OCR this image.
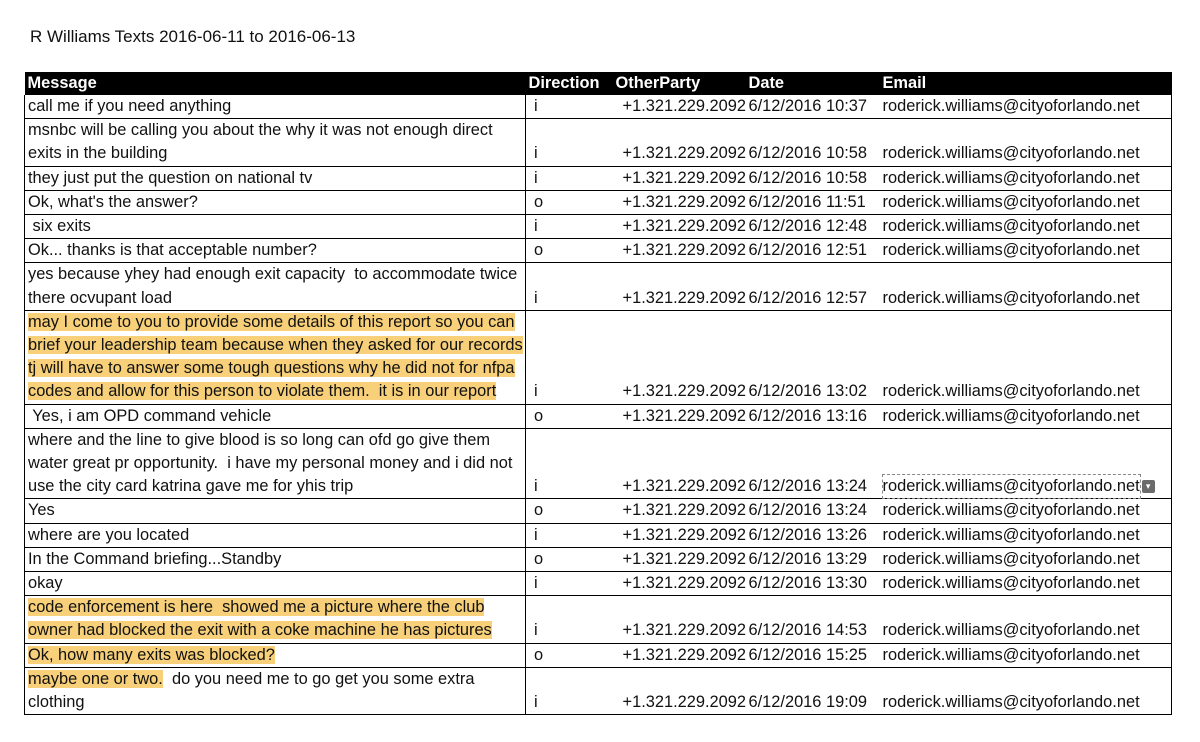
R Williams Texts 2016-06-11 to 2016-06-13
Message	Direction	OtherParty	Date	Email

call me if you need anything	i	+1.321.229.2092	6/12/2016 10:37	roderick.williams@cityoforlando.net

msnbc will be calling you about the why it was not enough direct
exits in the building	i	+1.321.229.2092	6/12/2016 10:58	roderick.williams@cityoforlando.net

they just put the question on national tv	i	+1.321.229.2092	6/12/2016 10:58	roderick.williams@cityoforlando.net

Ok, what's the answer?	o	+1.321.229.2092	6/12/2016 11:51	roderick.williams@cityoforlando.net

six exits	i	+1.321.229.2092	6/12/2016 12:48	roderick.williams@cityoforlando.net

Ok... thanks is that acceptable number?	o	+1.321.229.2092	6/12/2016 12:51	roderick.williams@cityoforlando.net

yes because yhey had enough exit capacity  to accommodate twice
there ocvupant load	i	+1.321.229.2092	6/12/2016 12:57	roderick.williams@cityoforlando.net

may I come to you to provide some details of this report so you can
brief your leadership team because when they asked for our records
tj will have to answer some tough questions why he did not for nfpa
codes and allow for this person to violate them.  it is in our report	i	+1.321.229.2092	6/12/2016 13:02	roderick.williams@cityoforlando.net

Yes, i am OPD command vehicle	o	+1.321.229.2092	6/12/2016 13:16	roderick.williams@cityoforlando.net

where and the line to give blood is so long can ofd go give them
water great pr opportunity.  i have my personal money and i did not
use the city card katrina gave me for yhis trip	i	+1.321.229.2092	6/12/2016 13:24	roderick.williams@cityoforlando.net ▾

Yes	o	+1.321.229.2092	6/12/2016 13:24	roderick.williams@cityoforlando.net

where are you located	i	+1.321.229.2092	6/12/2016 13:26	roderick.williams@cityoforlando.net

In the Command briefing...Standby	o	+1.321.229.2092	6/12/2016 13:29	roderick.williams@cityoforlando.net

okay	i	+1.321.229.2092	6/12/2016 13:30	roderick.williams@cityoforlando.net

code enforcement is here  showed me a picture where the club
owner had blocked the exit with a coke machine he has pictures	i	+1.321.229.2092	6/12/2016 14:53	roderick.williams@cityoforlando.net

Ok, how many exits was blocked?	o	+1.321.229.2092	6/12/2016 15:25	roderick.williams@cityoforlando.net

maybe one or two.  do you need me to go get you some extra
clothing	i	+1.321.229.2092	6/12/2016 19:09	roderick.williams@cityoforlando.net
